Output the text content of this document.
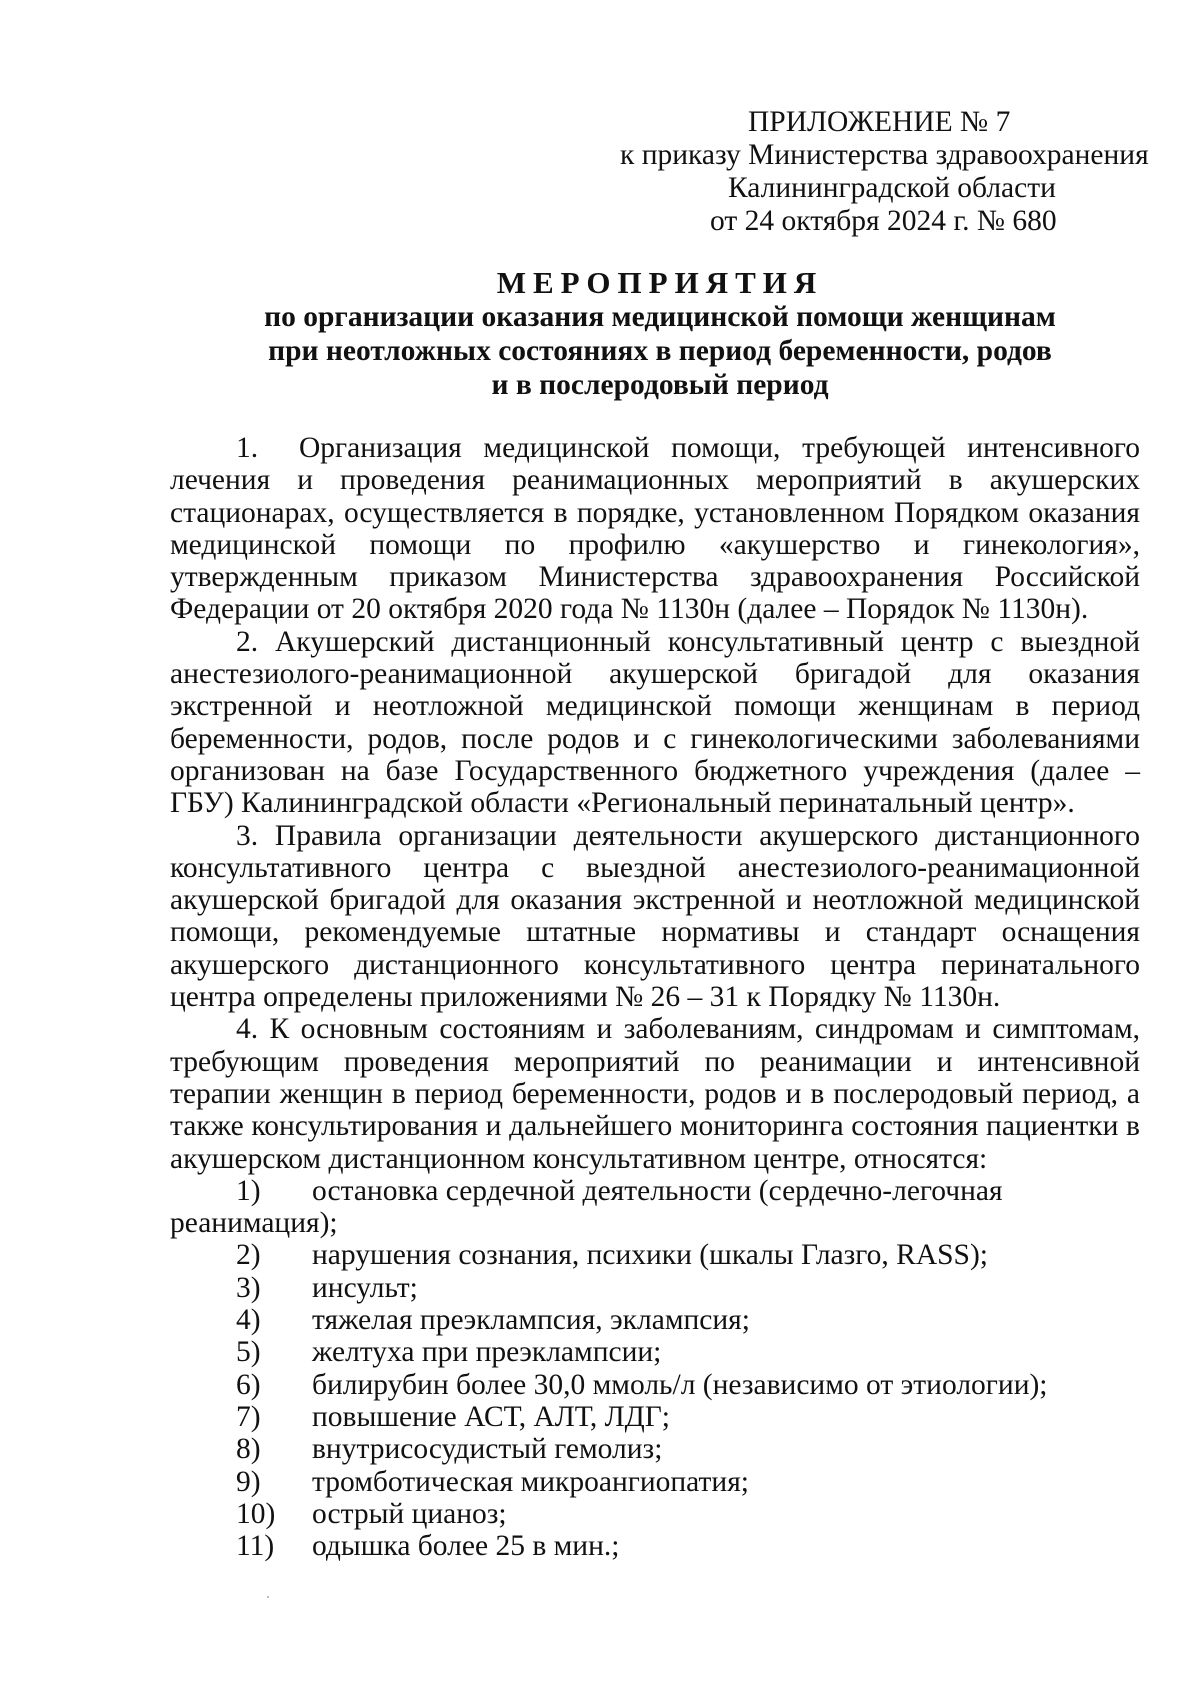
ПРИЛОЖЕНИЕ № 7
к приказу Министерства здравоохранения
Калининградской области
от 24 октября 2024 г. № 680
МЕРОПРИЯТИЯ
по организации оказания медицинской помощи женщинам
при неотложных состояниях в период беременности, родов
и в послеродовый период

1. Организация медицинской помощи, требующей интенсивного лечения и проведения реанимационных мероприятий в акушерских стационарах, осуществляется в порядке, установленном Порядком оказания медицинской помощи по профилю «акушерство и гинекология», утвержденным приказом Министерства здравоохранения Российской Федерации от 20 октября 2020 года № 1130н (далее – Порядок № 1130н).

2. Акушерский дистанционный консультативный центр с выездной анестезиолого-реанимационной акушерской бригадой для оказания экстренной и неотложной медицинской помощи женщинам в период беременности, родов, после родов и с гинекологическими заболеваниями организован на базе Государственного бюджетного учреждения (далее – ГБУ) Калининградской области «Региональный перинатальный центр».

3. Правила организации деятельности акушерского дистанционного консультативного центра с выездной анестезиолого-реанимационной акушерской бригадой для оказания экстренной и неотложной медицинской помощи, рекомендуемые штатные нормативы и стандарт оснащения акушерского дистанционного консультативного центра перинатального центра определены приложениями № 26 – 31 к Порядку № 1130н.

4. К основным состояниям и заболеваниям, синдромам и симптомам, требующим проведения мероприятий по реанимации и интенсивной терапии женщин в период беременности, родов и в послеродовый период, а также консультирования и дальнейшего мониторинга состояния пациентки в акушерском дистанционном консультативном центре, относятся:

1) остановка сердечной деятельности (сердечно-легочная реанимация);
2)	нарушения сознания, психики (шкалы Глазго, RASS);
3)	инсульт;
4)	тяжелая преэклампсия, эклампсия;
5)	желтуха при преэклампсии;
6)	билирубин более 30,0 ммоль/л (независимо от этиологии);
7)	повышение АСТ, АЛТ, ЛДГ;
8)	внутрисосудистый гемолиз;
9)	тромботическая микроангиопатия;
10)	острый цианоз;
11)	одышка более 25 в мин.;
